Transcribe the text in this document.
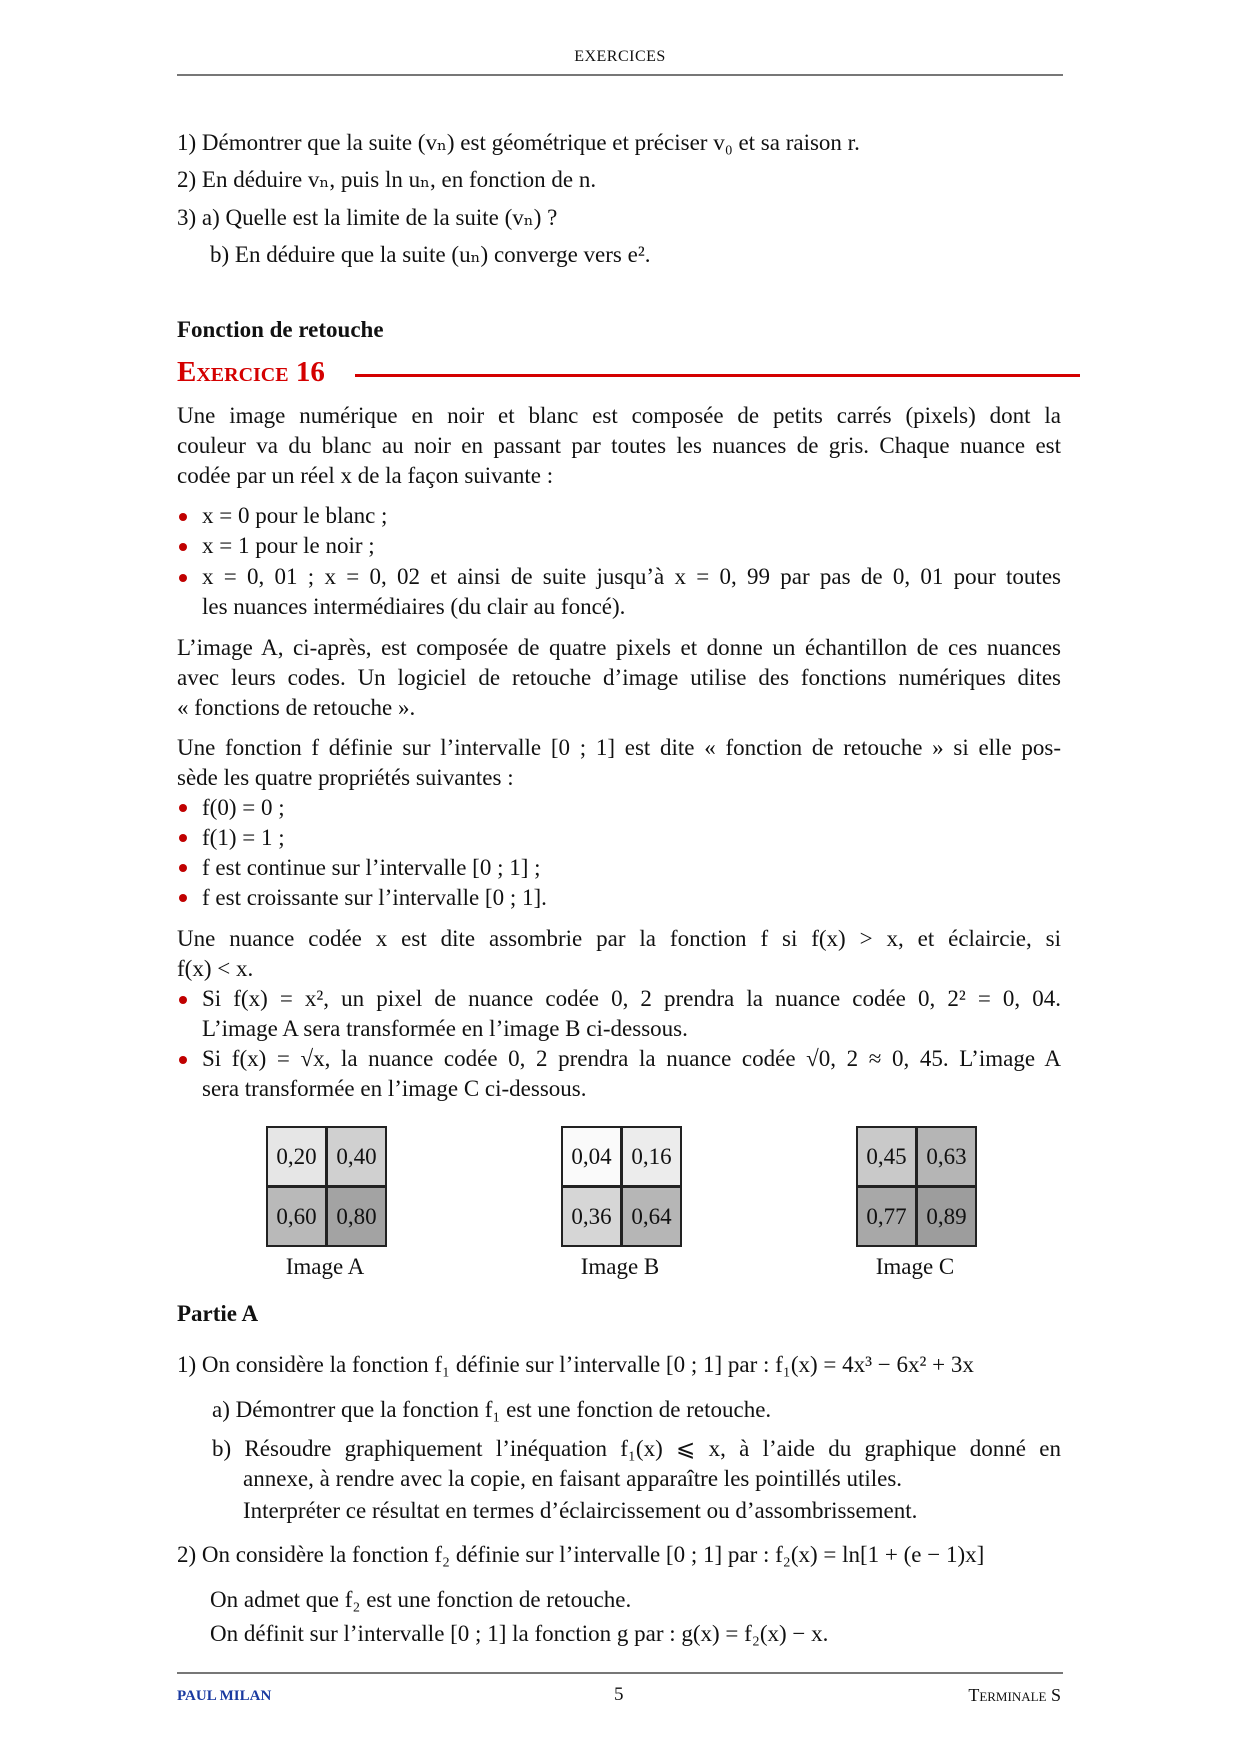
EXERCICES
1) Démontrer que la suite (vₙ) est géométrique et préciser v₀ et sa raison r.
2) En déduire vₙ, puis ln uₙ, en fonction de n.
3) a) Quelle est la limite de la suite (vₙ) ?
b) En déduire que la suite (uₙ) converge vers e².
Fonction de retouche
Exercice 16
Une image numérique en noir et blanc est composée de petits carrés (pixels) dont la
couleur va du blanc au noir en passant par toutes les nuances de gris. Chaque nuance est
codée par un réel x de la façon suivante :
x = 0 pour le blanc ;
x = 1 pour le noir ;
x = 0, 01 ; x = 0, 02 et ainsi de suite jusqu’à x = 0, 99 par pas de 0, 01 pour toutes
les nuances intermédiaires (du clair au foncé).
L’image A, ci-après, est composée de quatre pixels et donne un échantillon de ces nuances
avec leurs codes. Un logiciel de retouche d’image utilise des fonctions numériques dites
« fonctions de retouche ».
Une fonction f définie sur l’intervalle [0 ; 1] est dite « fonction de retouche » si elle pos-
sède les quatre propriétés suivantes :
f(0) = 0 ;
f(1) = 1 ;
f est continue sur l’intervalle [0 ; 1] ;
f est croissante sur l’intervalle [0 ; 1].
Une nuance codée x est dite assombrie par la fonction f si f(x) > x, et éclaircie, si
f(x) < x.
Si f(x) = x², un pixel de nuance codée 0, 2 prendra la nuance codée 0, 2² = 0, 04.
L’image A sera transformée en l’image B ci-dessous.
Si f(x) = √x, la nuance codée 0, 2 prendra la nuance codée √0, 2 ≈ 0, 45. L’image A
sera transformée en l’image C ci-dessous.
0,20 0,40
0,60 0,80
0,04 0,16
0,36 0,64
0,45 0,63
0,77 0,89
Image A	Image B	Image C
Partie A
1) On considère la fonction f₁ définie sur l’intervalle [0 ; 1] par : f₁(x) = 4x³ − 6x² + 3x
a) Démontrer que la fonction f₁ est une fonction de retouche.
b) Résoudre graphiquement l’inéquation f₁(x) ⩽ x, à l’aide du graphique donné en
annexe, à rendre avec la copie, en faisant apparaître les pointillés utiles.
Interpréter ce résultat en termes d’éclaircissement ou d’assombrissement.
2) On considère la fonction f₂ définie sur l’intervalle [0 ; 1] par : f₂(x) = ln[1 + (e − 1)x]
On admet que f₂ est une fonction de retouche.
On définit sur l’intervalle [0 ; 1] la fonction g par : g(x) = f₂(x) − x.
PAUL MILAN	5	Terminale S
